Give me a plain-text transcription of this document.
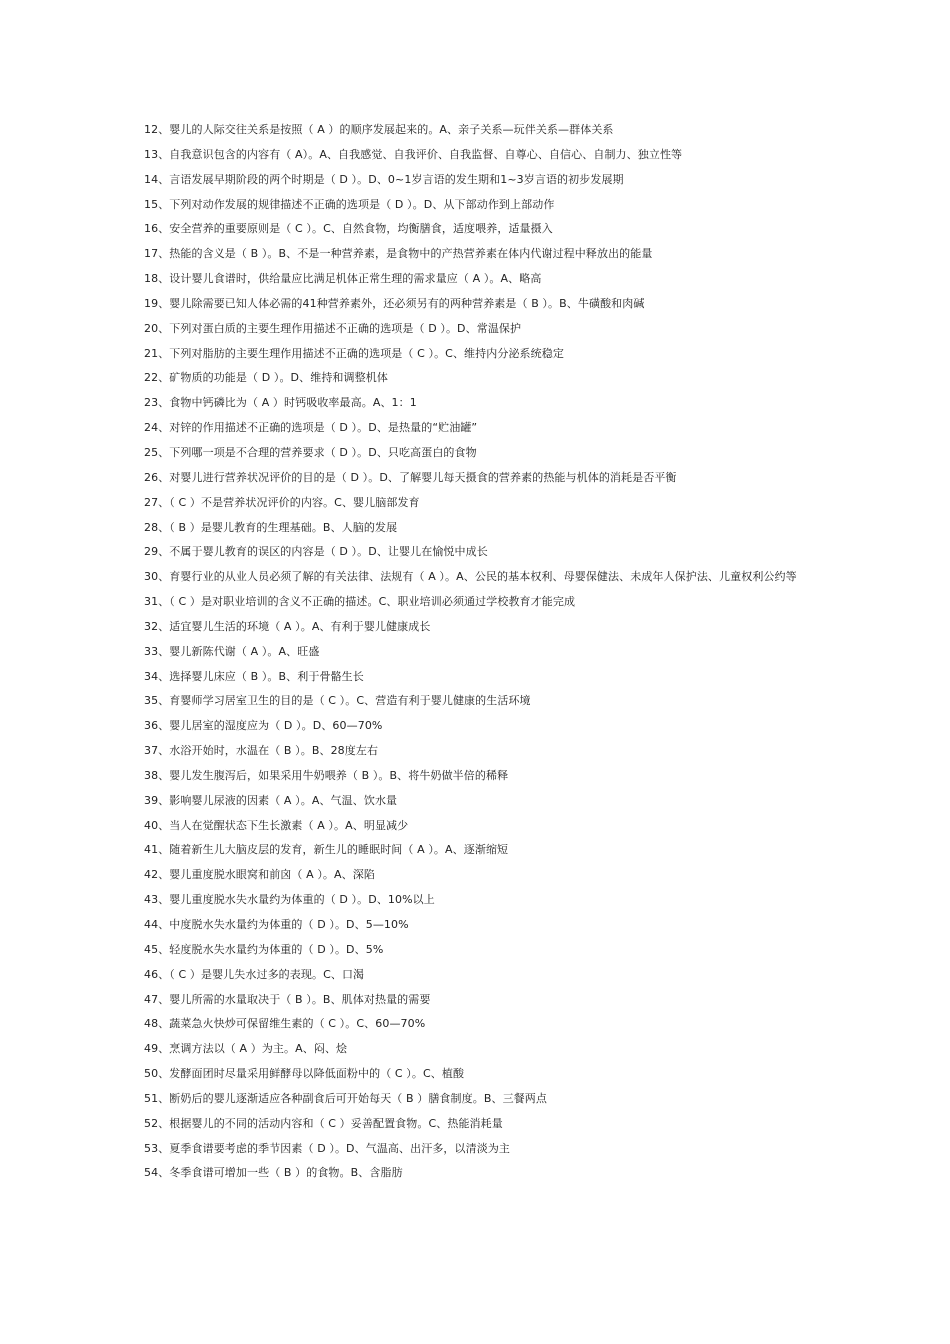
12、婴儿的人际交往关系是按照（ A ）的顺序发展起来的。A、亲子关系—玩伴关系—群体关系
13、自我意识包含的内容有（ A）。A、自我感觉、自我评价、自我监督、自尊心、自信心、自制力、独立性等
14、言语发展早期阶段的两个时期是（ D ）。D、0~1岁言语的发生期和1~3岁言语的初步发展期
15、下列对动作发展的规律描述不正确的选项是（ D ）。D、从下部动作到上部动作
16、安全营养的重要原则是（ C ）。C、自然食物，均衡膳食，适度喂养，适量摄入
17、热能的含义是（ B ）。B、不是一种营养素，是食物中的产热营养素在体内代谢过程中释放出的能量
18、设计婴儿食谱时，供给量应比满足机体正常生理的需求量应（ A ）。A、略高
19、婴儿除需要已知人体必需的41种营养素外，还必须另有的两种营养素是（ B ）。B、牛磺酸和肉碱
20、下列对蛋白质的主要生理作用描述不正确的选项是（ D ）。D、常温保护
21、下列对脂肪的主要生理作用描述不正确的选项是（ C ）。C、维持内分泌系统稳定
22、矿物质的功能是（ D ）。D、维持和调整机体
23、食物中钙磷比为（ A ）时钙吸收率最高。A、1：1
24、对锌的作用描述不正确的选项是（ D ）。D、是热量的“贮油罐”
25、下列哪一项是不合理的营养要求（ D ）。D、只吃高蛋白的食物
26、对婴儿进行营养状况评价的目的是（ D ）。D、了解婴儿每天摄食的营养素的热能与机体的消耗是否平衡
27、（ C ）不是营养状况评价的内容。C、婴儿脑部发育
28、（ B ）是婴儿教育的生理基础。B、人脑的发展
29、不属于婴儿教育的误区的内容是（ D ）。D、让婴儿在愉悦中成长
30、育婴行业的从业人员必须了解的有关法律、法规有（ A ）。A、公民的基本权利、母婴保健法、未成年人保护法、儿童权利公约等
31、（ C ）是对职业培训的含义不正确的描述。C、职业培训必须通过学校教育才能完成
32、适宜婴儿生活的环境（ A ）。A、有利于婴儿健康成长
33、婴儿新陈代谢（ A ）。A、旺盛
34、选择婴儿床应（ B ）。B、利于骨骼生长
35、育婴师学习居室卫生的目的是（ C ）。C、营造有利于婴儿健康的生活环境
36、婴儿居室的湿度应为（ D ）。D、60—70%
37、水浴开始时，水温在（ B ）。B、28度左右
38、婴儿发生腹泻后，如果采用牛奶喂养（ B ）。B、将牛奶做半倍的稀释
39、影响婴儿尿液的因素（ A ）。A、气温、饮水量
40、当人在觉醒状态下生长激素（ A ）。A、明显减少
41、随着新生儿大脑皮层的发育，新生儿的睡眠时间（ A ）。A、逐渐缩短
42、婴儿重度脱水眼窝和前囟（ A ）。A、深陷
43、婴儿重度脱水失水量约为体重的（ D ）。D、10%以上
44、中度脱水失水量约为体重的（ D ）。D、5—10%
45、轻度脱水失水量约为体重的（ D ）。D、5%
46、（ C ）是婴儿失水过多的表现。C、口渴
47、婴儿所需的水量取决于（ B ）。B、肌体对热量的需要
48、蔬菜急火快炒可保留维生素的（ C ）。C、60—70%
49、烹调方法以（ A ）为主。A、闷、烩
50、发酵面团时尽量采用鲜酵母以降低面粉中的（ C ）。C、植酸
51、断奶后的婴儿逐渐适应各种副食后可开始每天（ B ）膳食制度。B、三餐两点
52、根据婴儿的不同的活动内容和（ C ）妥善配置食物。C、热能消耗量
53、夏季食谱要考虑的季节因素（ D ）。D、气温高、出汗多，以清淡为主
54、冬季食谱可增加一些（ B ）的食物。B、含脂肪
